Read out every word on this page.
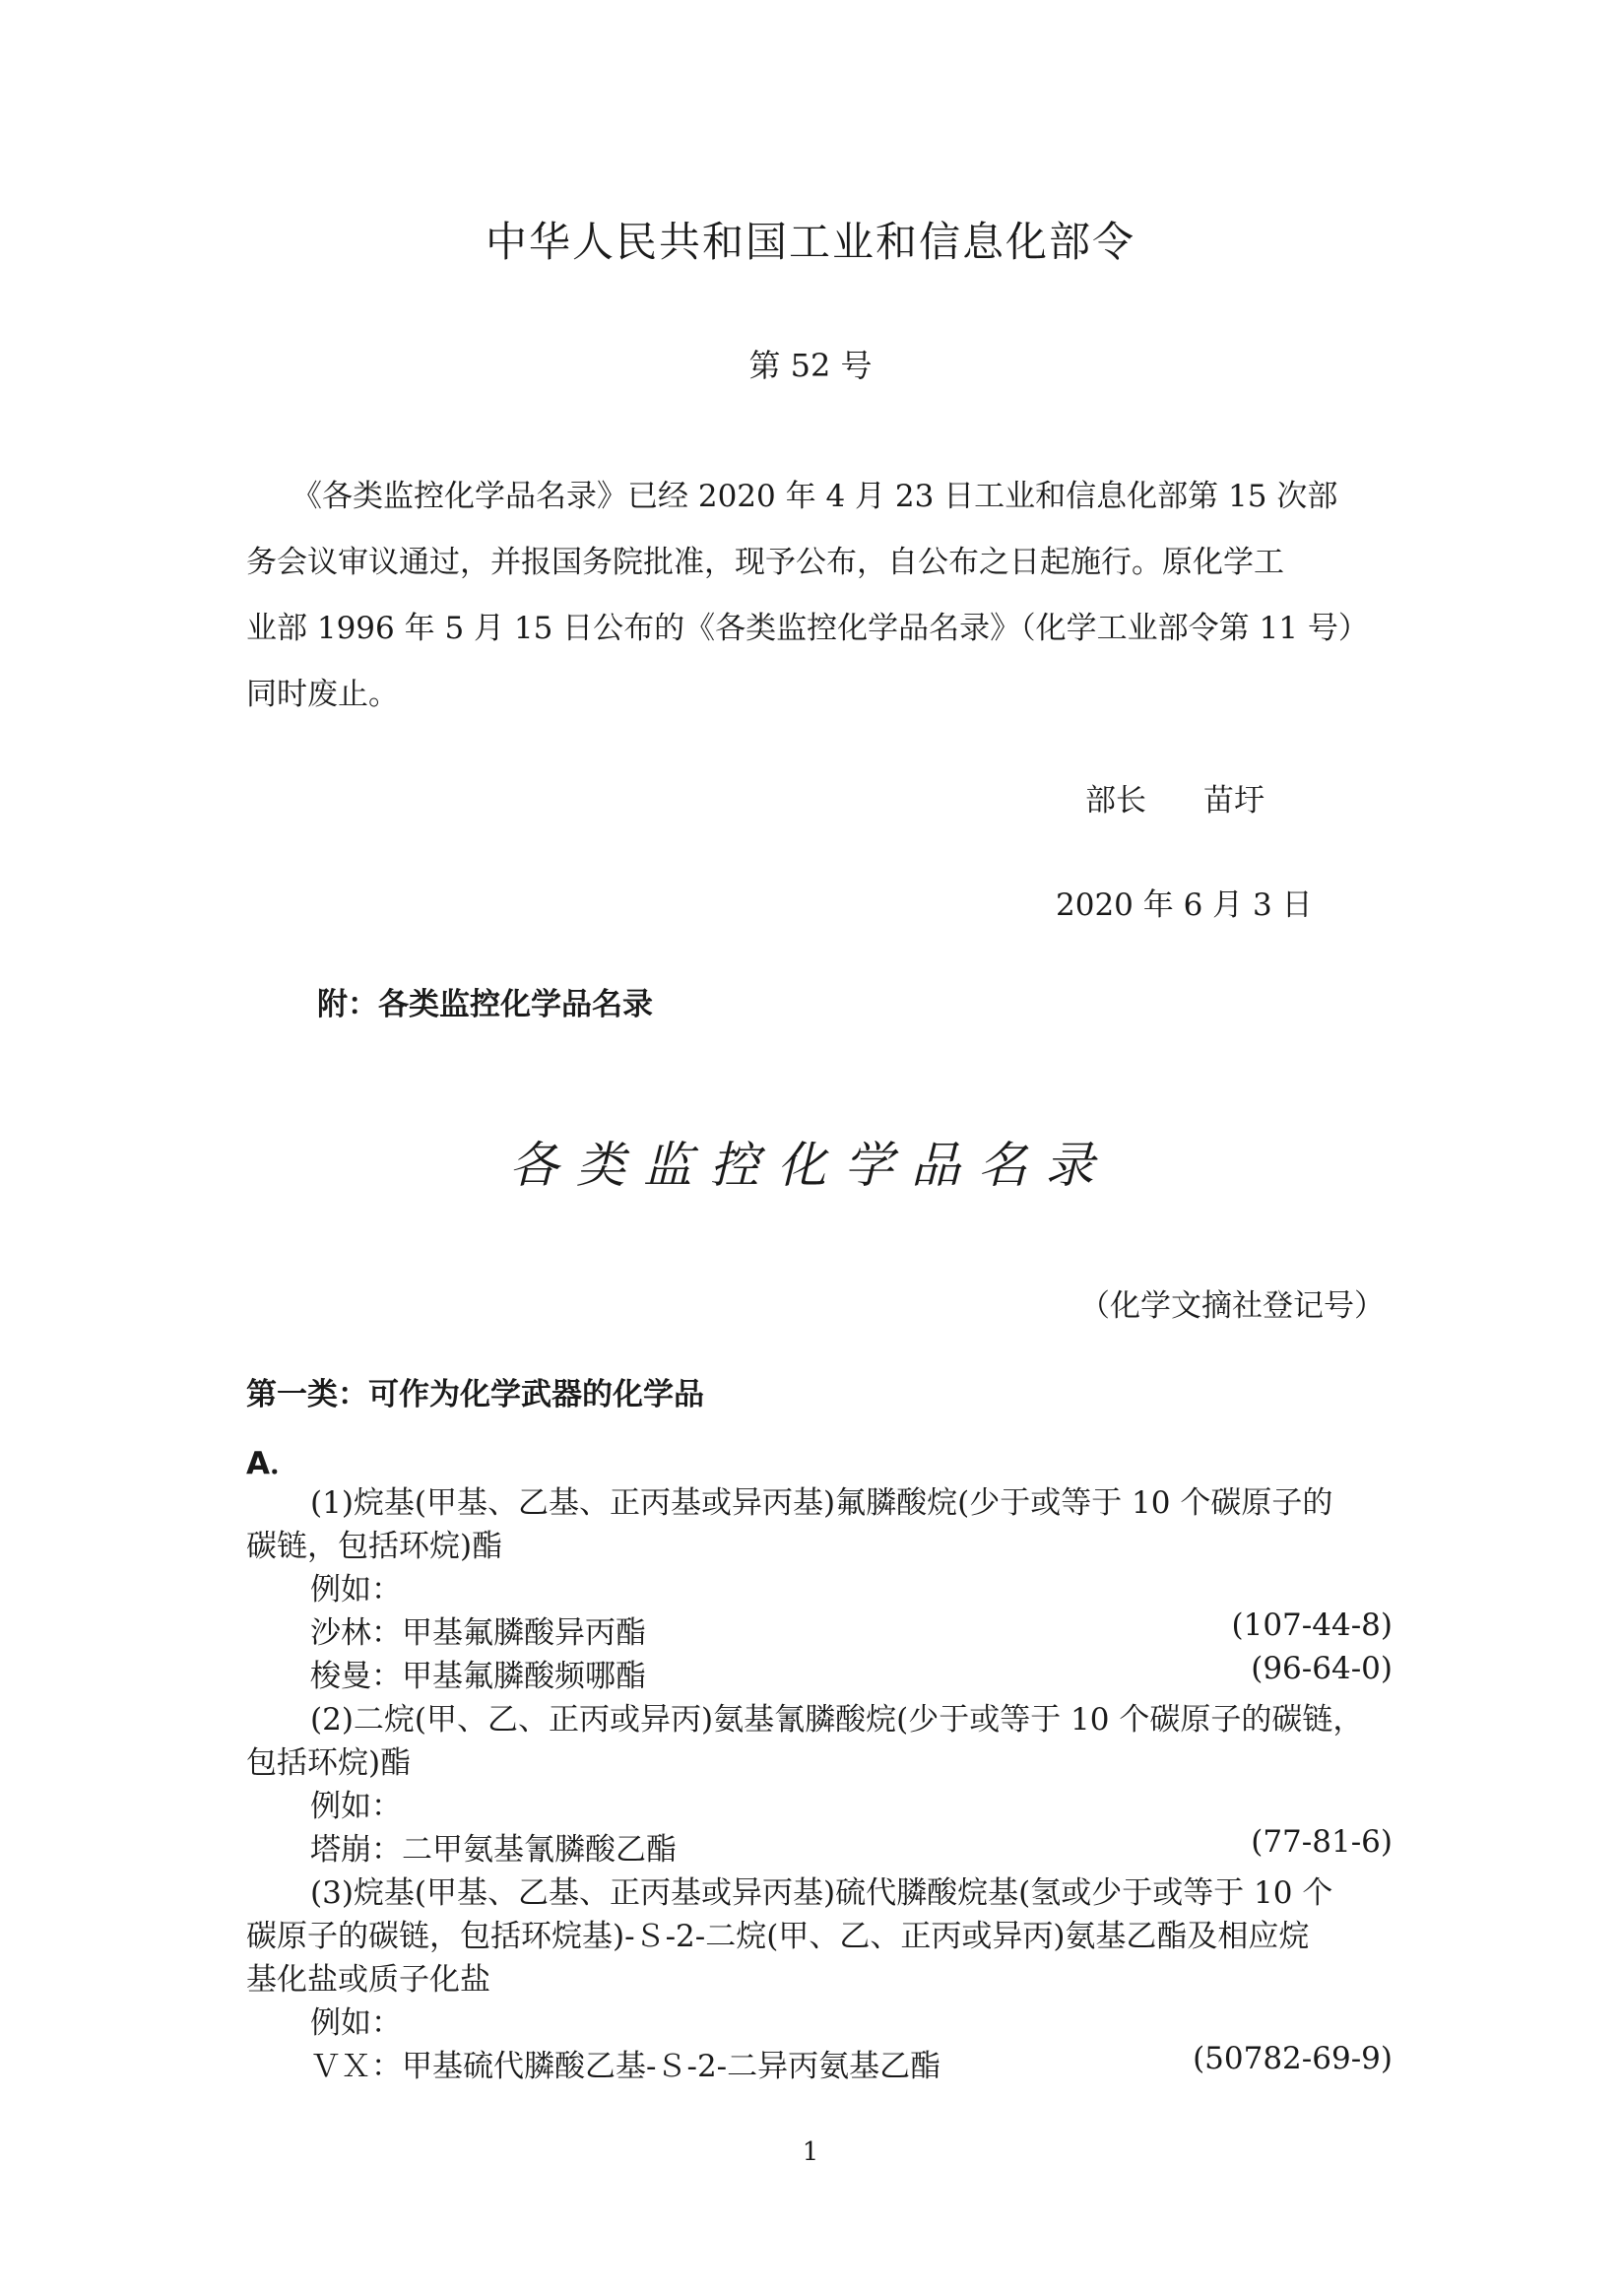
中华人民共和国工业和信息化部令
第 52 号
《各类监控化学品名录》已经 2020 年 4 月 23 日工业和信息化部第 15 次部
务会议审议通过，并报国务院批准，现予公布，自公布之日起施行。原化学工
业部 1996 年 5 月 15 日公布的《各类监控化学品名录》（化学工业部令第 11 号）
同时废止。
部长 苗圩
2020 年 6 月 3 日
附：各类监控化学品名录
各类监控化学品名录
（化学文摘社登记号）
第一类：可作为化学武器的化学品
A．
(1)烷基(甲基、乙基、正丙基或异丙基)氟膦酸烷(少于或等于 10 个碳原子的
碳链，包括环烷)酯
例如：
沙林：甲基氟膦酸异丙酯	(107-44-8)
梭曼：甲基氟膦酸频哪酯	(96-64-0)
(2)二烷(甲、乙、正丙或异丙)氨基氰膦酸烷(少于或等于 10 个碳原子的碳链，
包括环烷)酯
例如：
塔崩：二甲氨基氰膦酸乙酯	(77-81-6)
(3)烷基(甲基、乙基、正丙基或异丙基)硫代膦酸烷基(氢或少于或等于 10 个
碳原子的碳链，包括环烷基)-Ｓ-2-二烷(甲、乙、正丙或异丙)氨基乙酯及相应烷
基化盐或质子化盐
例如：
ＶＸ：甲基硫代膦酸乙基-Ｓ-2-二异丙氨基乙酯	(50782-69-9)
1
